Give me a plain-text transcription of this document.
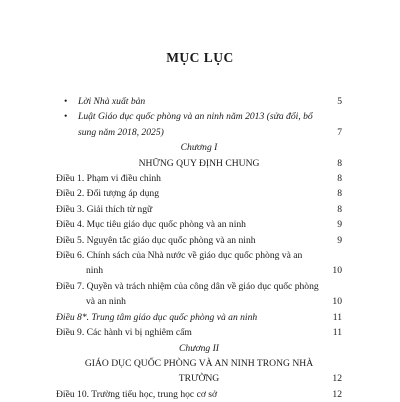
MỤC LỤC
• Lời Nhà xuất bản	5
• Luật Giáo dục quốc phòng và an ninh năm 2013 (sửa đổi, bổ sung năm 2018, 2025)	7
Chương I
NHỮNG QUY ĐỊNH CHUNG	8
Điều 1. Phạm vi điều chỉnh	8
Điều 2. Đối tượng áp dụng	8
Điều 3. Giải thích từ ngữ	8
Điều 4. Mục tiêu giáo dục quốc phòng và an ninh	9
Điều 5. Nguyên tắc giáo dục quốc phòng và an ninh	9
Điều 6. Chính sách của Nhà nước về giáo dục quốc phòng và an ninh	10
Điều 7. Quyền và trách nhiệm của công dân về giáo dục quốc phòng và an ninh	10
Điều 8*. Trung tâm giáo dục quốc phòng và an ninh	11
Điều 9. Các hành vi bị nghiêm cấm	11
Chương II
GIÁO DỤC QUỐC PHÒNG VÀ AN NINH TRONG NHÀ TRƯỜNG	12
Điều 10. Trường tiểu học, trung học cơ sở	12
